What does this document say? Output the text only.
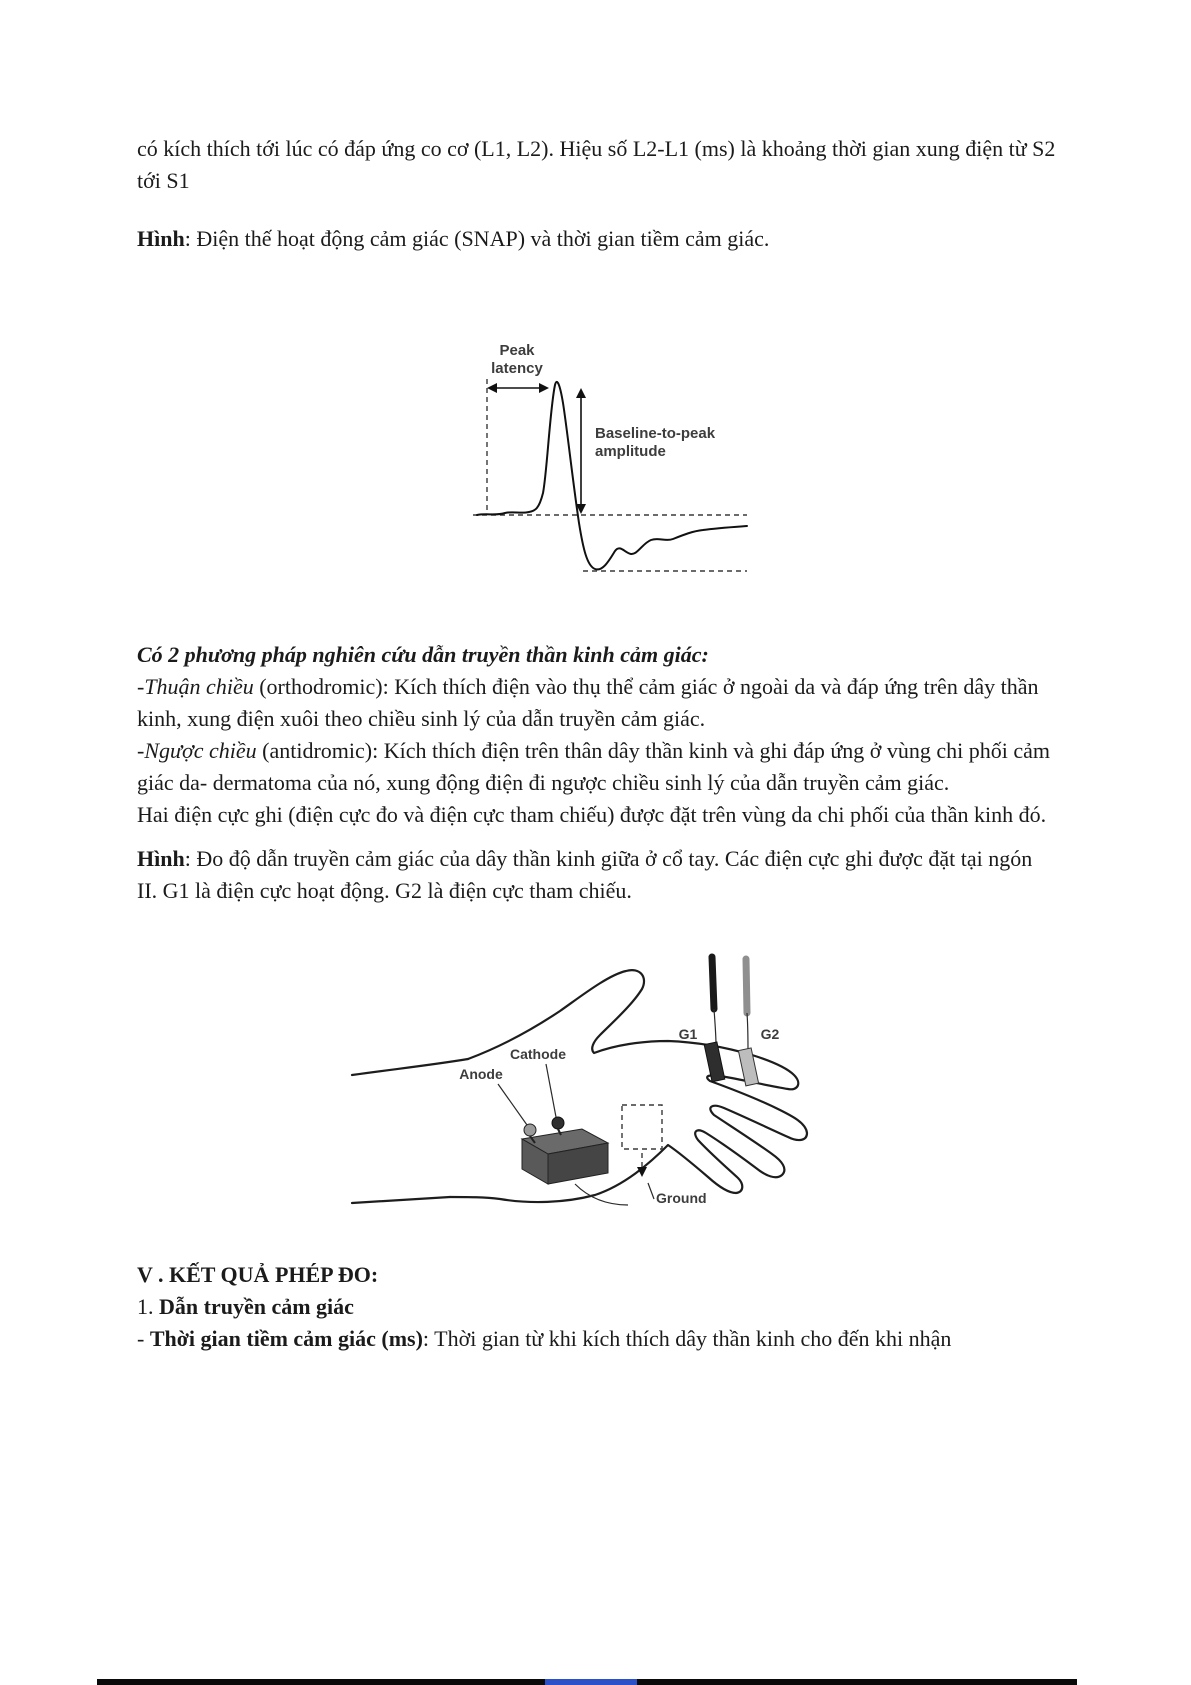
có kích thích tới lúc có đáp ứng co cơ (L1, L2). Hiệu số L2-L1 (ms) là khoảng thời gian xung điện từ S2 tới S1

Hình: Điện thế hoạt động cảm giác (SNAP) và thời gian tiềm cảm giác.

Peak
latency
Baseline-to-peak
amplitude

Có 2 phương pháp nghiên cứu dẫn truyền thần kinh cảm giác:

-Thuận chiều (orthodromic): Kích thích điện vào thụ thể cảm giác ở ngoài da và đáp ứng trên dây thần kinh, xung điện xuôi theo chiều sinh lý của dẫn truyền cảm giác.

-Ngược chiều (antidromic): Kích thích điện trên thân dây thần kinh và ghi đáp ứng ở vùng chi phối cảm giác da- dermatoma của nó, xung động điện đi ngược chiều sinh lý của dẫn truyền cảm giác.

Hai điện cực ghi (điện cực đo và điện cực tham chiếu) được đặt trên vùng da chi phối của thần kinh đó.

Hình: Đo độ dẫn truyền cảm giác của dây thần kinh giữa ở cổ tay. Các điện cực ghi được đặt tại ngón II. G1 là điện cực hoạt động. G2 là điện cực tham chiếu.

G1	G2
Anode
Cathode
Ground

V . KẾT QUẢ PHÉP ĐO:

1. Dẫn truyền cảm giác

- Thời gian tiềm cảm giác (ms): Thời gian từ khi kích thích dây thần kinh cho đến khi nhận
